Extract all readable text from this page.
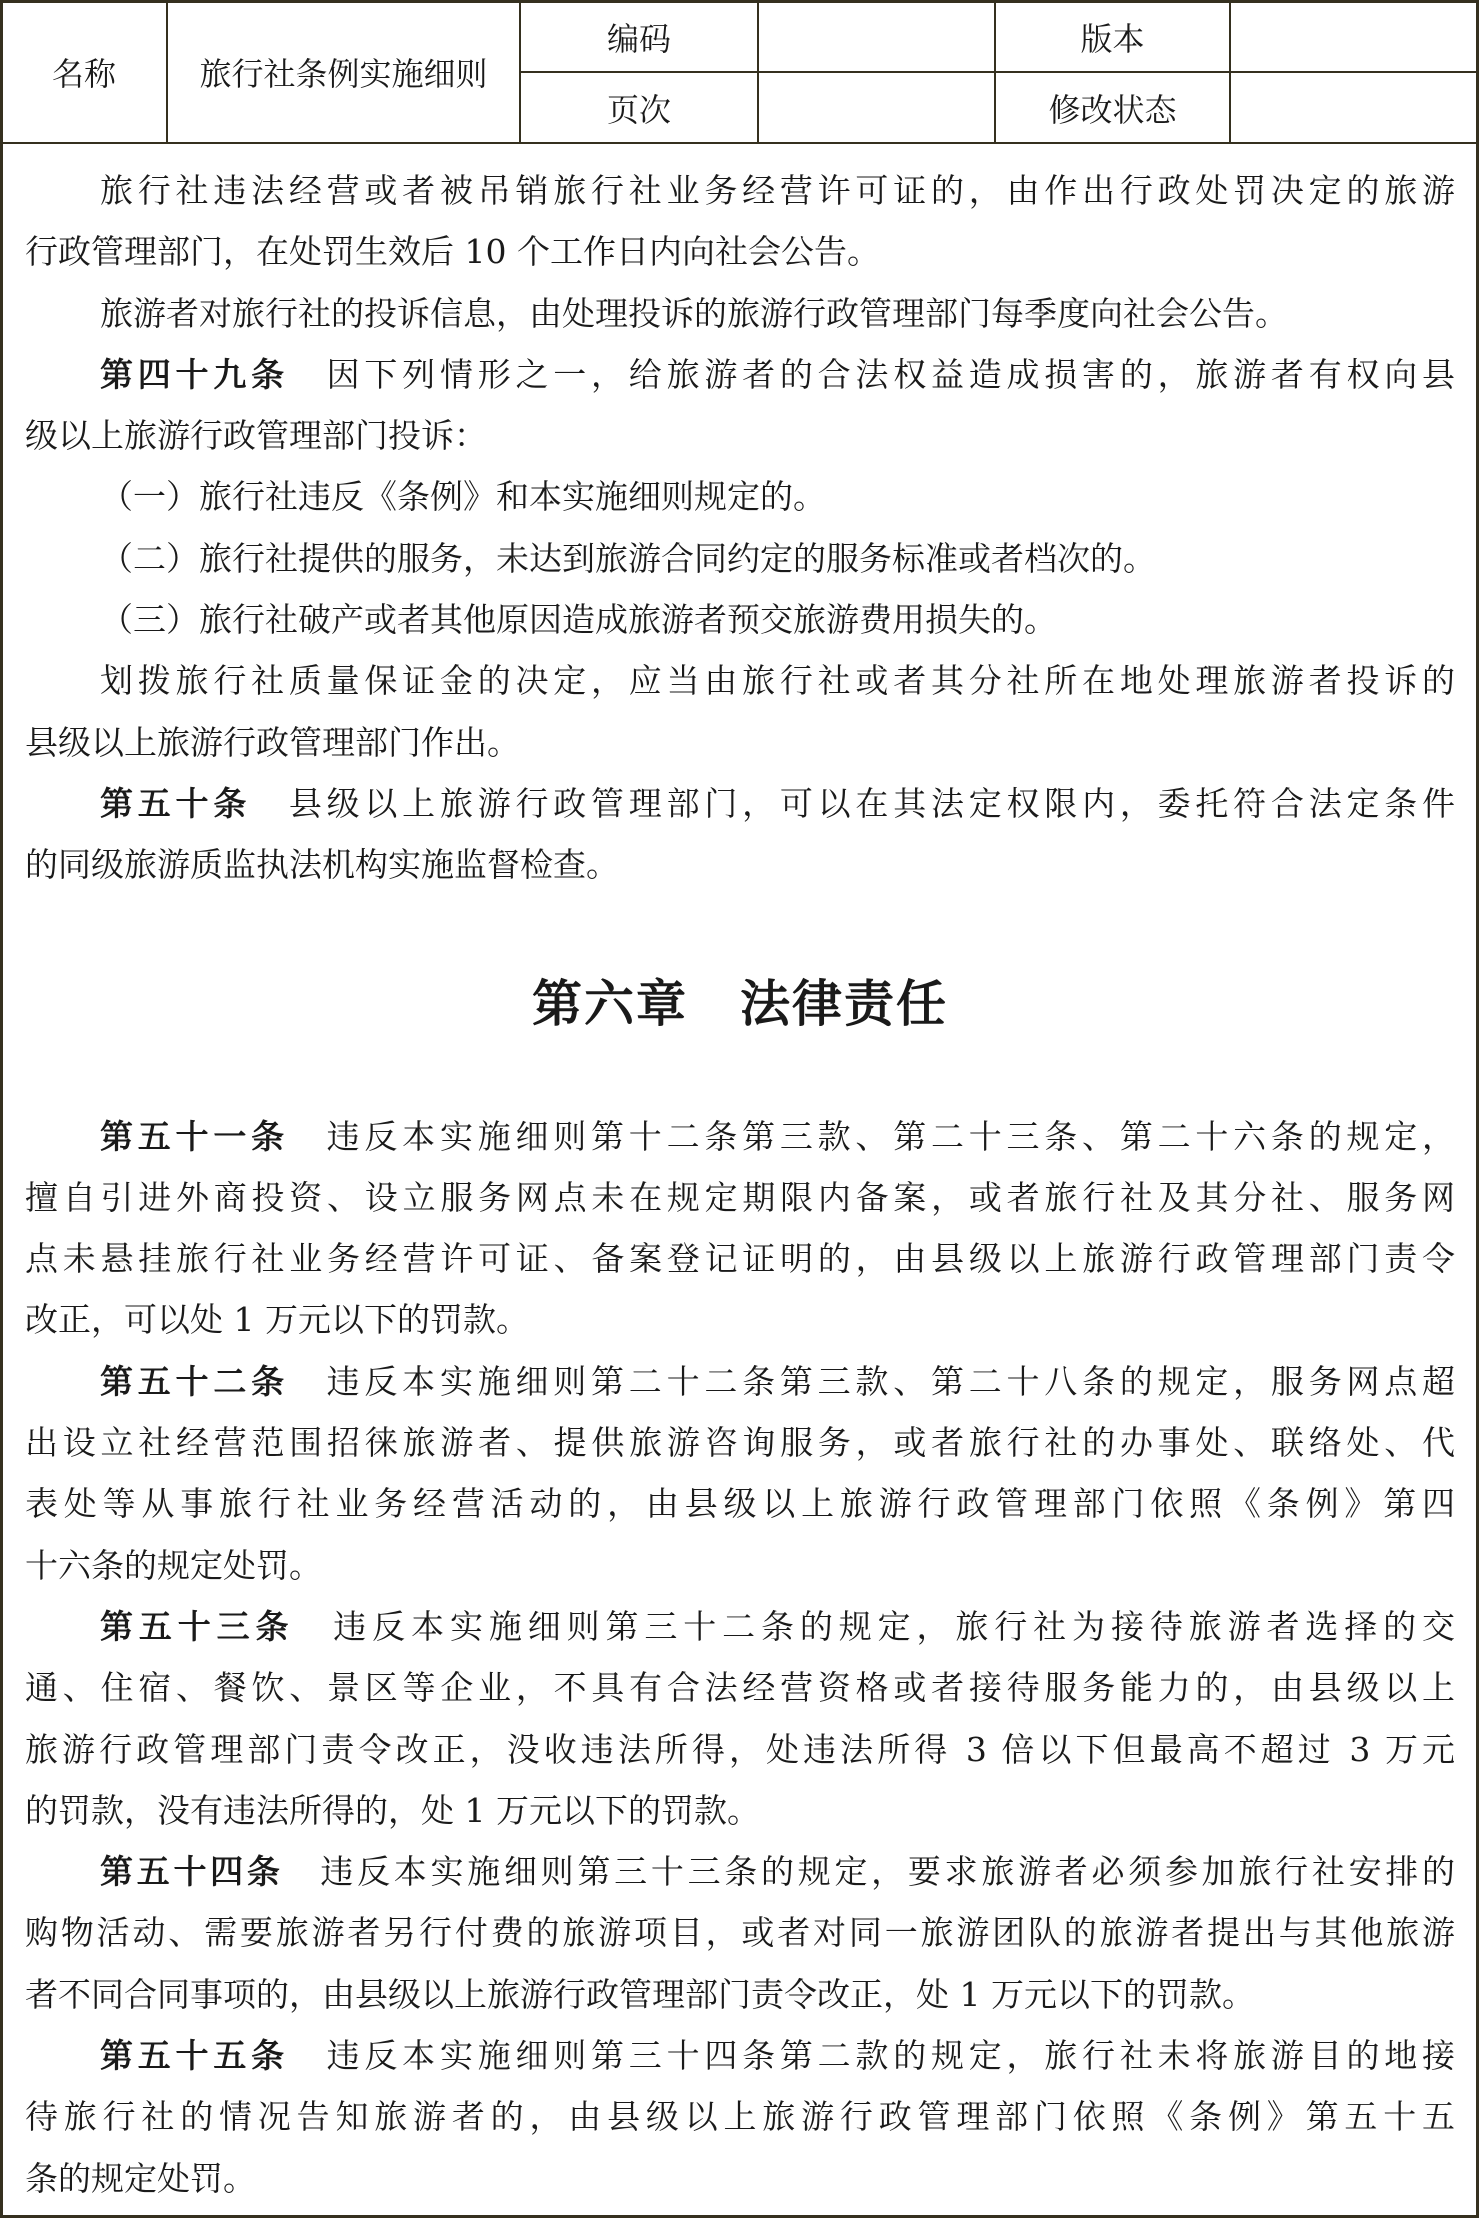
名称	旅行社条例实施细则	编码		版本	
		页次		修改状态	
旅行社违法经营或者被吊销旅行社业务经营许可证的，由作出行政处罚决定的旅游
行政管理部门，在处罚生效后 10 个工作日内向社会公告。
旅游者对旅行社的投诉信息，由处理投诉的旅游行政管理部门每季度向社会公告。
第四十九条　因下列情形之一，给旅游者的合法权益造成损害的，旅游者有权向县
级以上旅游行政管理部门投诉：
（一）旅行社违反《条例》和本实施细则规定的。
（二）旅行社提供的服务，未达到旅游合同约定的服务标准或者档次的。
（三）旅行社破产或者其他原因造成旅游者预交旅游费用损失的。
划拨旅行社质量保证金的决定，应当由旅行社或者其分社所在地处理旅游者投诉的
县级以上旅游行政管理部门作出。
第五十条　县级以上旅游行政管理部门，可以在其法定权限内，委托符合法定条件
的同级旅游质监执法机构实施监督检查。
第六章　法律责任
第五十一条　违反本实施细则第十二条第三款、第二十三条、第二十六条的规定，
擅自引进外商投资、设立服务网点未在规定期限内备案，或者旅行社及其分社、服务网
点未悬挂旅行社业务经营许可证、备案登记证明的，由县级以上旅游行政管理部门责令
改正，可以处 1 万元以下的罚款。
第五十二条　违反本实施细则第二十二条第三款、第二十八条的规定，服务网点超
出设立社经营范围招徕旅游者、提供旅游咨询服务，或者旅行社的办事处、联络处、代
表处等从事旅行社业务经营活动的，由县级以上旅游行政管理部门依照《条例》第四
十六条的规定处罚。
第五十三条　违反本实施细则第三十二条的规定，旅行社为接待旅游者选择的交
通、住宿、餐饮、景区等企业，不具有合法经营资格或者接待服务能力的，由县级以上
旅游行政管理部门责令改正，没收违法所得，处违法所得 3 倍以下但最高不超过 3 万元
的罚款，没有违法所得的，处 1 万元以下的罚款。
第五十四条　违反本实施细则第三十三条的规定，要求旅游者必须参加旅行社安排的
购物活动、需要旅游者另行付费的旅游项目，或者对同一旅游团队的旅游者提出与其他旅游
者不同合同事项的，由县级以上旅游行政管理部门责令改正，处 1 万元以下的罚款。
第五十五条　违反本实施细则第三十四条第二款的规定，旅行社未将旅游目的地接
待旅行社的情况告知旅游者的，由县级以上旅游行政管理部门依照《条例》第五十五
条的规定处罚。
